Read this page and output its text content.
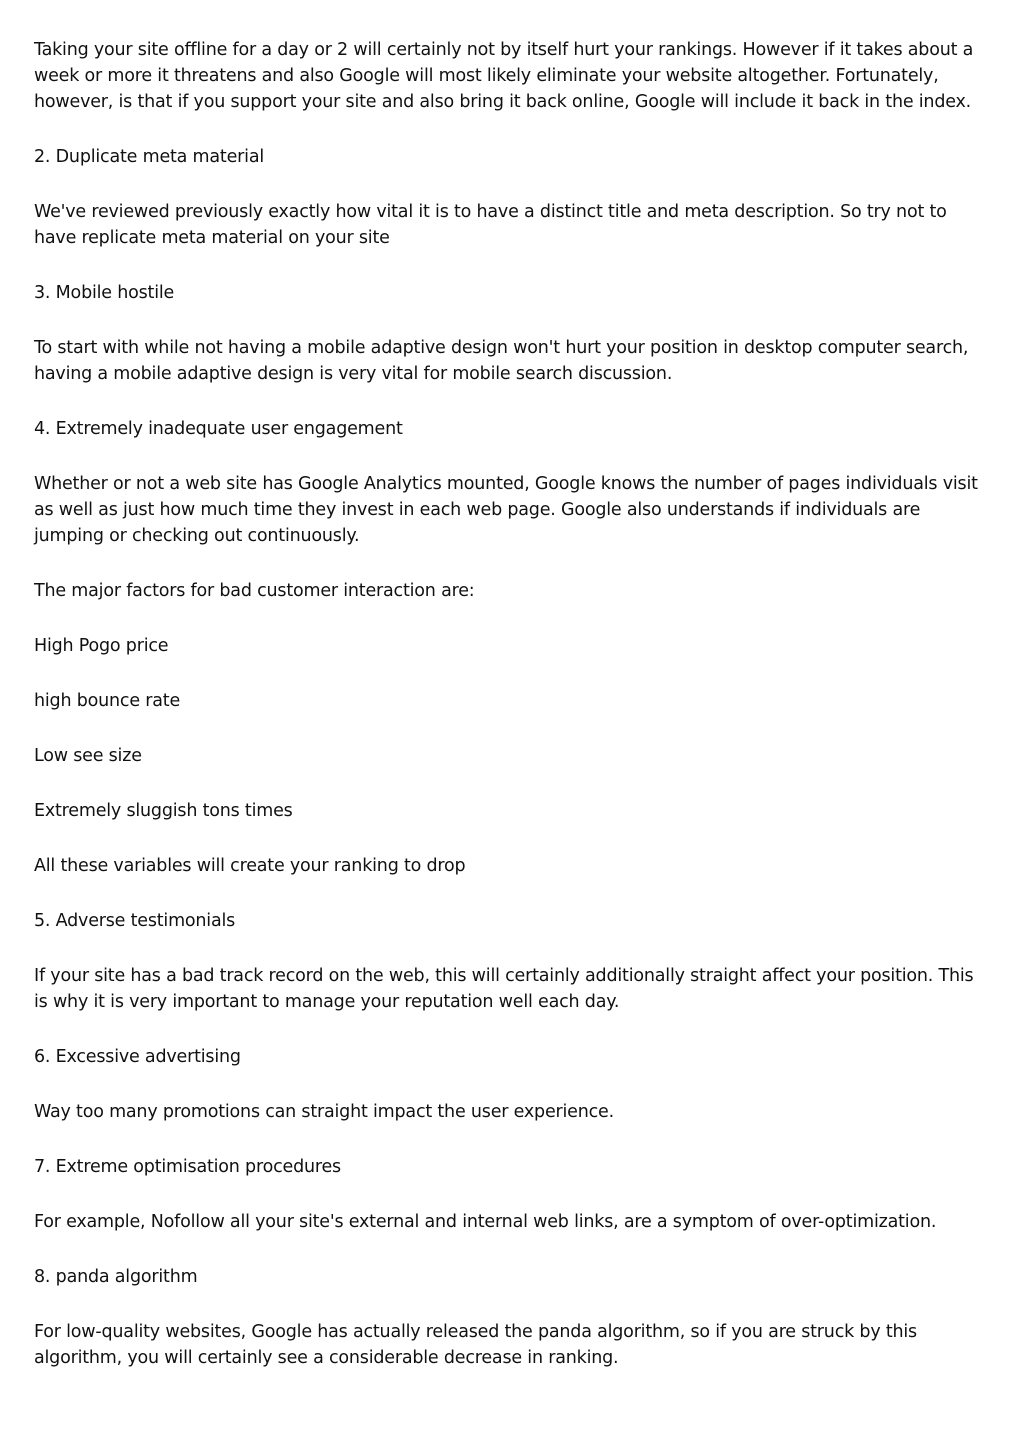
Taking your site offline for a day or 2 will certainly not by itself hurt your rankings. However if it takes about a week or more it threatens and also Google will most likely eliminate your website altogether. Fortunately, however, is that if you support your site and also bring it back online, Google will include it back in the index.

2. Duplicate meta material

We've reviewed previously exactly how vital it is to have a distinct title and meta description. So try not to have replicate meta material on your site

3. Mobile hostile

To start with while not having a mobile adaptive design won't hurt your position in desktop computer search, having a mobile adaptive design is very vital for mobile search discussion.

4. Extremely inadequate user engagement

Whether or not a web site has Google Analytics mounted, Google knows the number of pages individuals visit as well as just how much time they invest in each web page. Google also understands if individuals are jumping or checking out continuously.

The major factors for bad customer interaction are:

High Pogo price

high bounce rate

Low see size

Extremely sluggish tons times

All these variables will create your ranking to drop

5. Adverse testimonials

If your site has a bad track record on the web, this will certainly additionally straight affect your position. This is why it is very important to manage your reputation well each day.

6. Excessive advertising

Way too many promotions can straight impact the user experience.

7. Extreme optimisation procedures

For example, Nofollow all your site's external and internal web links, are a symptom of over-optimization.

8. panda algorithm

For low-quality websites, Google has actually released the panda algorithm, so if you are struck by this algorithm, you will certainly see a considerable decrease in ranking.
